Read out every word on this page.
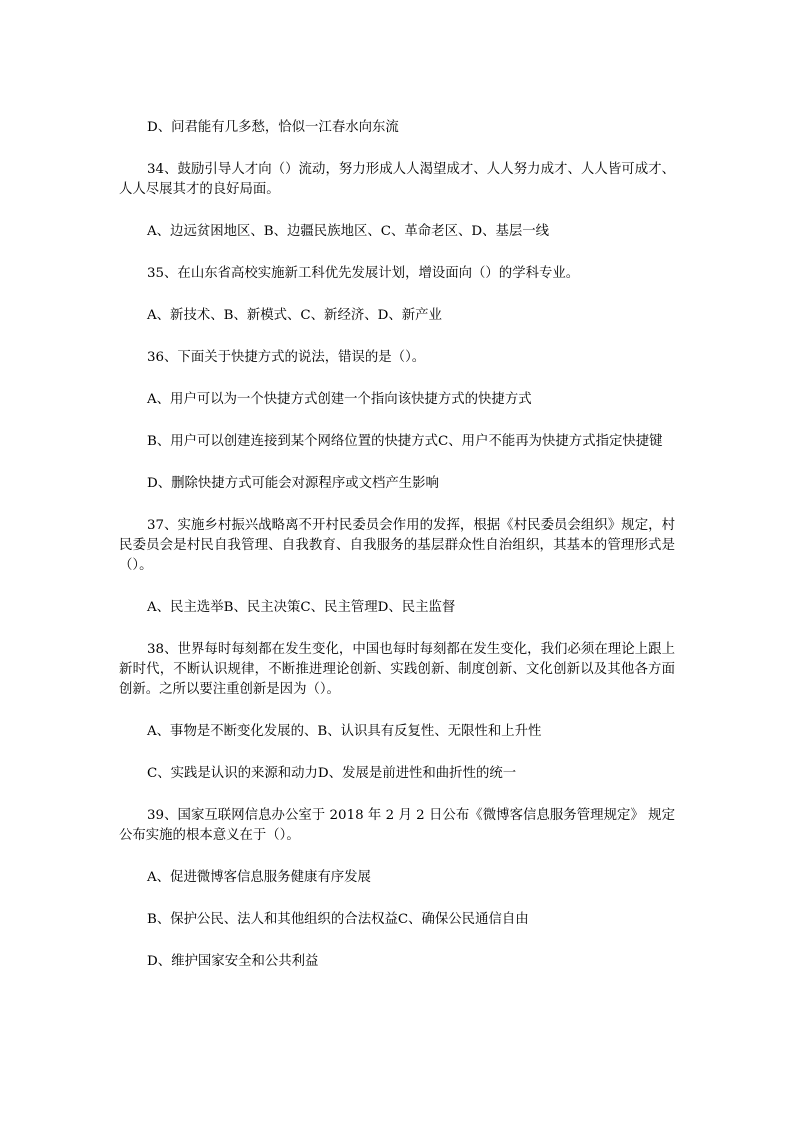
D、问君能有几多愁，恰似一江春水向东流

34、鼓励引导人才向（）流动，努力形成人人渴望成才、人人努力成才、人人皆可成才、人人尽展其才的良好局面。

A、边远贫困地区、B、边疆民族地区、C、革命老区、D、基层一线

35、在山东省高校实施新工科优先发展计划，增设面向（）的学科专业。

A、新技术、B、新模式、C、新经济、D、新产业

36、下面关于快捷方式的说法，错误的是（）。

A、用户可以为一个快捷方式创建一个指向该快捷方式的快捷方式

B、用户可以创建连接到某个网络位置的快捷方式C、用户不能再为快捷方式指定快捷键

D、删除快捷方式可能会对源程序或文档产生影响

37、实施乡村振兴战略离不开村民委员会作用的发挥，根据《村民委员会组织》规定，村民委员会是村民自我管理、自我教育、自我服务的基层群众性自治组织，其基本的管理形式是（）。

A、民主选举B、民主决策C、民主管理D、民主监督

38、世界每时每刻都在发生变化，中国也每时每刻都在发生变化，我们必须在理论上跟上新时代，不断认识规律，不断推进理论创新、实践创新、制度创新、文化创新以及其他各方面创新。之所以要注重创新是因为（）。

A、事物是不断变化发展的、B、认识具有反复性、无限性和上升性

C、实践是认识的来源和动力D、发展是前进性和曲折性的统一

39、国家互联网信息办公室于 2018 年 2 月 2 日公布《微博客信息服务管理规定》 规定公布实施的根本意义在于（）。

A、促进微博客信息服务健康有序发展

B、保护公民、法人和其他组织的合法权益C、确保公民通信自由

D、维护国家安全和公共利益
